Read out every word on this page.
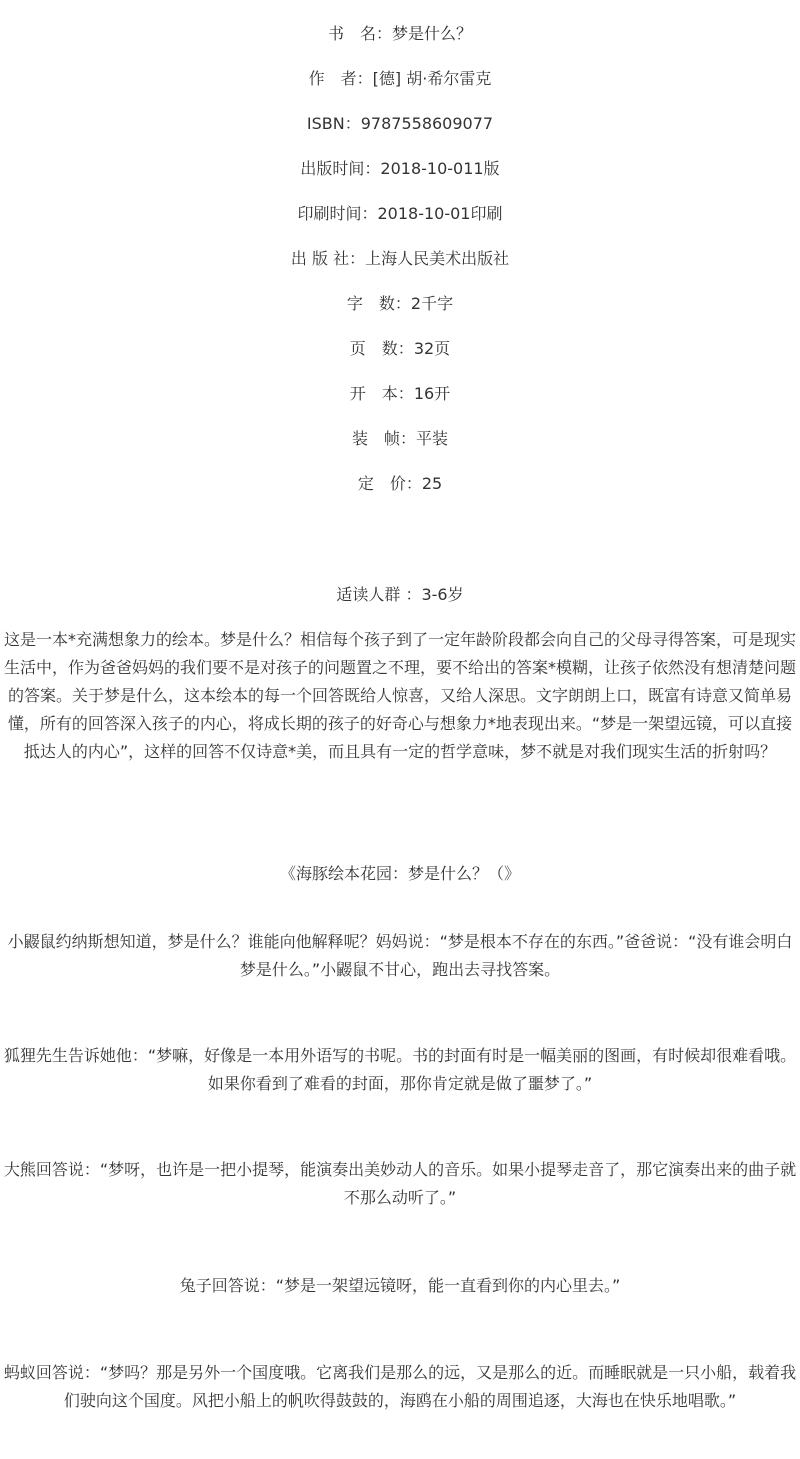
书　名：梦是什么？
作　者：[德] 胡·希尔雷克
ISBN：9787558609077
出版时间：2018-10-011版
印刷时间：2018-10-01印刷
出 版 社：上海人民美术出版社
字　数：2千字
页　数：32页
开　本：16开
装　帧：平装
定　价：25
适读人群 ：3-6岁
这是一本*充满想象力的绘本。梦是什么？相信每个孩子到了一定年龄阶段都会向自己的父母寻得答案，可是现实生活中，作为爸爸妈妈的我们要不是对孩子的问题置之不理，要不给出的答案*模糊，让孩子依然没有想清楚问题的答案。关于梦是什么，这本绘本的每一个回答既给人惊喜，又给人深思。文字朗朗上口，既富有诗意又简单易懂，所有的回答深入孩子的内心，将成长期的孩子的好奇心与想象力*地表现出来。“梦是一架望远镜，可以直接抵达人的内心”，这样的回答不仅诗意*美，而且具有一定的哲学意味，梦不就是对我们现实生活的折射吗？
《海豚绘本花园：梦是什么？（》
小鼹鼠约纳斯想知道，梦是什么？谁能向他解释呢？妈妈说：“梦是根本不存在的东西。”爸爸说：“没有谁会明白梦是什么。”小鼹鼠不甘心，跑出去寻找答案。
狐狸先生告诉她他：“梦嘛，好像是一本用外语写的书呢。书的封面有时是一幅美丽的图画，有时候却很难看哦。如果你看到了难看的封面，那你肯定就是做了噩梦了。”
大熊回答说：“梦呀，也许是一把小提琴，能演奏出美妙动人的音乐。如果小提琴走音了，那它演奏出来的曲子就不那么动听了。”
兔子回答说：“梦是一架望远镜呀，能一直看到你的内心里去。”
蚂蚁回答说：“梦吗？那是另外一个国度哦。它离我们是那么的远，又是那么的近。而睡眠就是一只小船，载着我们驶向这个国度。风把小船上的帆吹得鼓鼓的，海鸥在小船的周围追逐，大海也在快乐地唱歌。”
